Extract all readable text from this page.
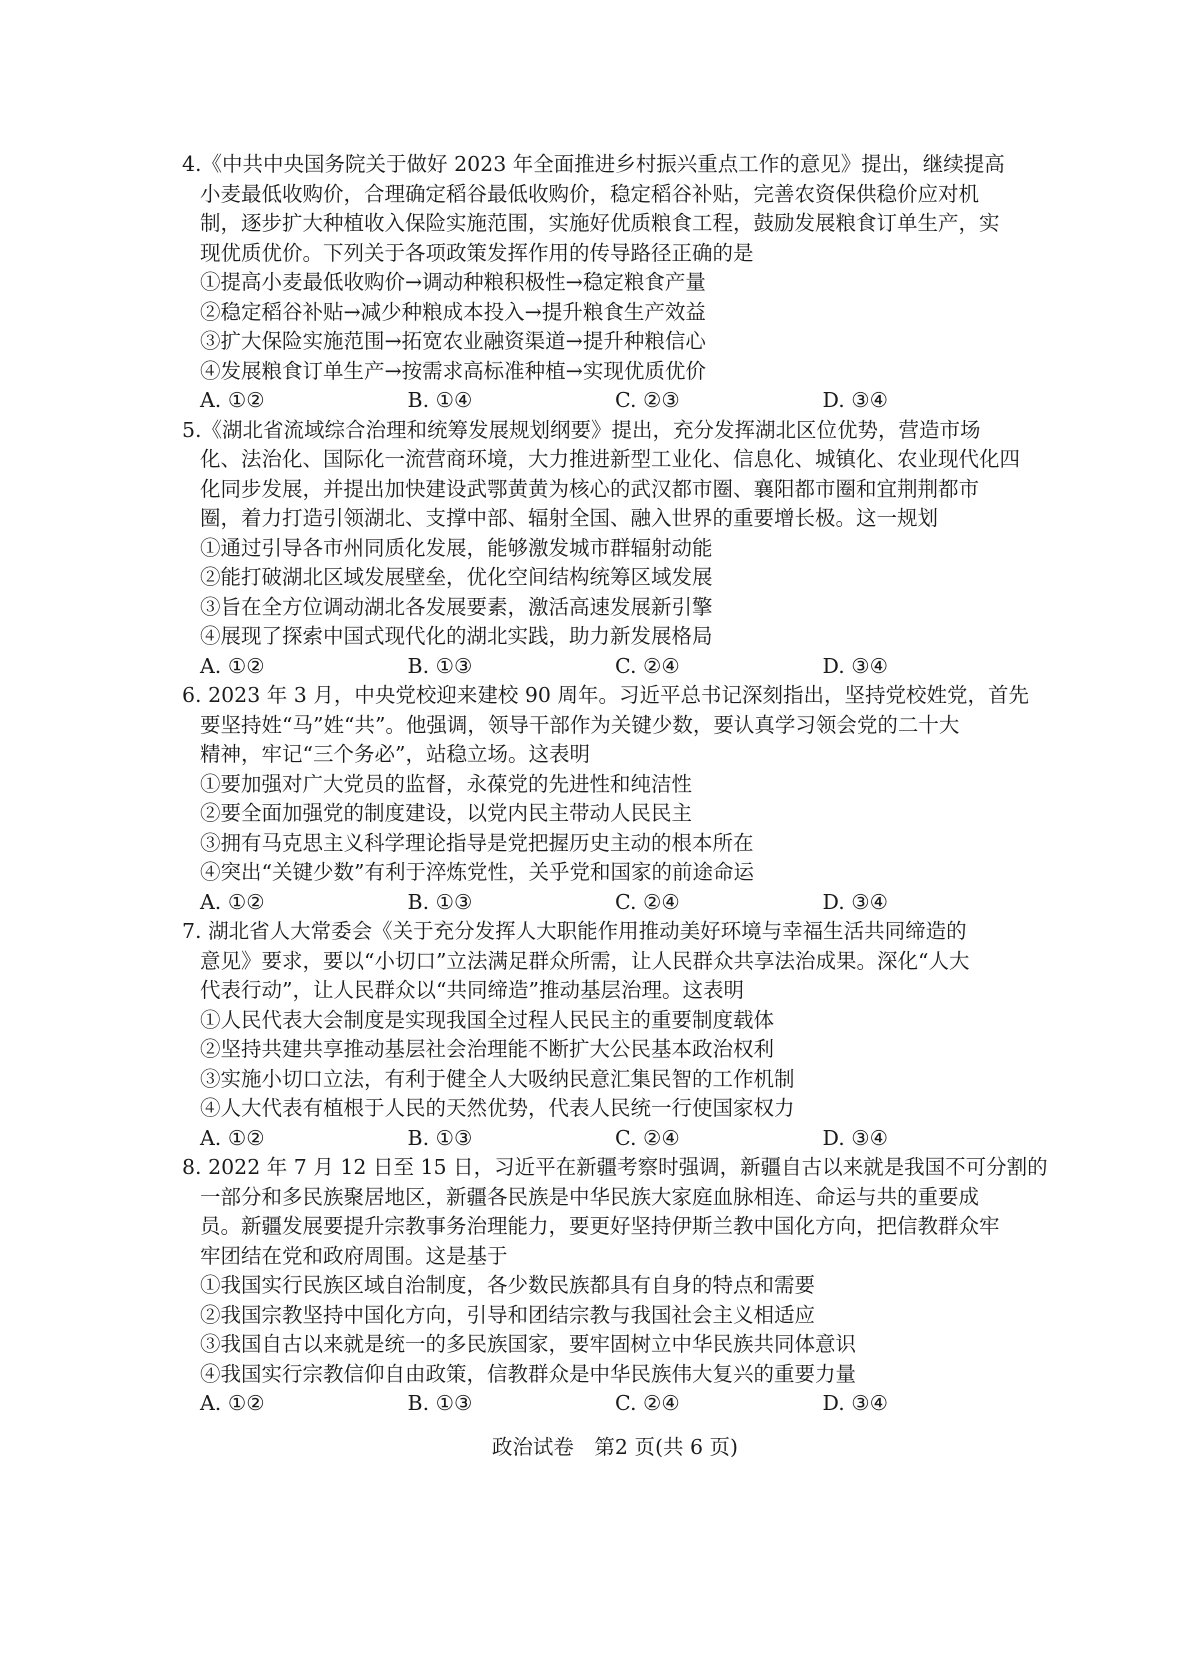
4.《中共中央国务院关于做好 2023 年全面推进乡村振兴重点工作的意见》提出，继续提高
小麦最低收购价，合理确定稻谷最低收购价，稳定稻谷补贴，完善农资保供稳价应对机
制，逐步扩大种植收入保险实施范围，实施好优质粮食工程，鼓励发展粮食订单生产，实
现优质优价。下列关于各项政策发挥作用的传导路径正确的是
①提高小麦最低收购价→调动种粮积极性→稳定粮食产量
②稳定稻谷补贴→减少种粮成本投入→提升粮食生产效益
③扩大保险实施范围→拓宽农业融资渠道→提升种粮信心
④发展粮食订单生产→按需求高标准种植→实现优质优价
A. ①②	B. ①④	C. ②③	D. ③④
5.《湖北省流域综合治理和统筹发展规划纲要》提出，充分发挥湖北区位优势，营造市场
化、法治化、国际化一流营商环境，大力推进新型工业化、信息化、城镇化、农业现代化四
化同步发展，并提出加快建设武鄂黄黄为核心的武汉都市圈、襄阳都市圈和宜荆荆都市
圈，着力打造引领湖北、支撑中部、辐射全国、融入世界的重要增长极。这一规划
①通过引导各市州同质化发展，能够激发城市群辐射动能
②能打破湖北区域发展壁垒，优化空间结构统筹区域发展
③旨在全方位调动湖北各发展要素，激活高速发展新引擎
④展现了探索中国式现代化的湖北实践，助力新发展格局
A. ①②	B. ①③	C. ②④	D. ③④
6. 2023 年 3 月，中央党校迎来建校 90 周年。习近平总书记深刻指出，坚持党校姓党，首先
要坚持姓“马”姓“共”。他强调，领导干部作为关键少数，要认真学习领会党的二十大
精神，牢记“三个务必”，站稳立场。这表明
①要加强对广大党员的监督，永葆党的先进性和纯洁性
②要全面加强党的制度建设，以党内民主带动人民民主
③拥有马克思主义科学理论指导是党把握历史主动的根本所在
④突出“关键少数”有利于淬炼党性，关乎党和国家的前途命运
A. ①②	B. ①③	C. ②④	D. ③④
7. 湖北省人大常委会《关于充分发挥人大职能作用推动美好环境与幸福生活共同缔造的
意见》要求，要以“小切口”立法满足群众所需，让人民群众共享法治成果。深化“人大
代表行动”，让人民群众以“共同缔造”推动基层治理。这表明
①人民代表大会制度是实现我国全过程人民民主的重要制度载体
②坚持共建共享推动基层社会治理能不断扩大公民基本政治权利
③实施小切口立法，有利于健全人大吸纳民意汇集民智的工作机制
④人大代表有植根于人民的天然优势，代表人民统一行使国家权力
A. ①②	B. ①③	C. ②④	D. ③④
8. 2022 年 7 月 12 日至 15 日，习近平在新疆考察时强调，新疆自古以来就是我国不可分割的
一部分和多民族聚居地区，新疆各民族是中华民族大家庭血脉相连、命运与共的重要成
员。新疆发展要提升宗教事务治理能力，要更好坚持伊斯兰教中国化方向，把信教群众牢
牢团结在党和政府周围。这是基于
①我国实行民族区域自治制度，各少数民族都具有自身的特点和需要
②我国宗教坚持中国化方向，引导和团结宗教与我国社会主义相适应
③我国自古以来就是统一的多民族国家，要牢固树立中华民族共同体意识
④我国实行宗教信仰自由政策，信教群众是中华民族伟大复兴的重要力量
A. ①②	B. ①③	C. ②④	D. ③④
政治试卷　第2 页(共 6 页)
